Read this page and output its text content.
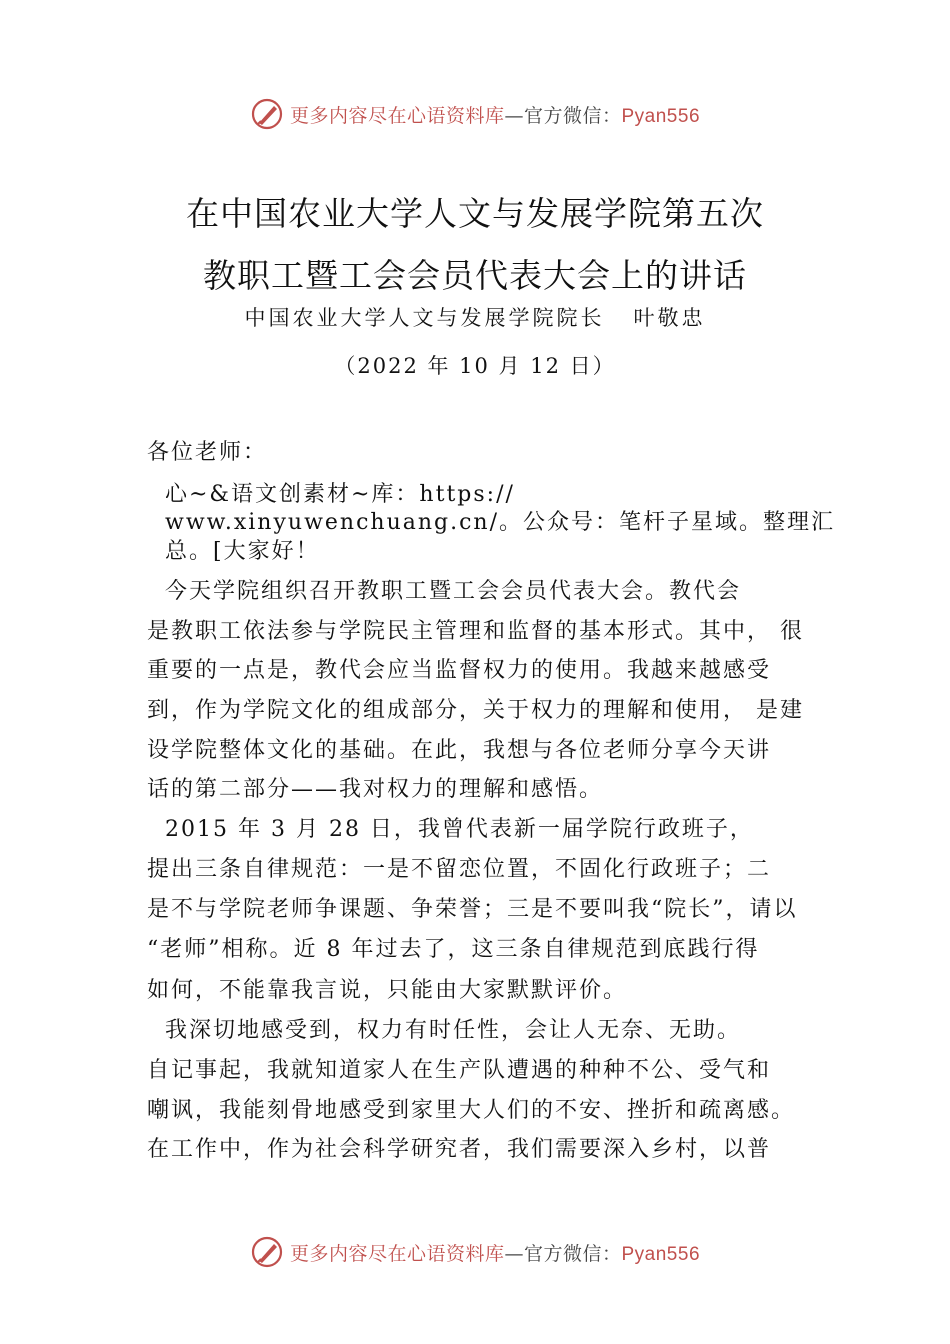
更多内容尽在心语资料库—官方微信：Pyan556
在中国农业大学人文与发展学院第五次
教职工暨工会会员代表大会上的讲话
中国农业大学人文与发展学院院长   叶敬忠
（2022 年 10 月 12 日）
各位老师：
心~&语文创素材~库：https://
www.xinyuwenchuang.cn/。公众号：笔杆子星域。整理汇
总。[大家好！
今天学院组织召开教职工暨工会会员代表大会。教代会
是教职工依法参与学院民主管理和监督的基本形式。其中， 很
重要的一点是，教代会应当监督权力的使用。我越来越感受
到，作为学院文化的组成部分，关于权力的理解和使用， 是建
设学院整体文化的基础。在此，我想与各位老师分享今天讲
话的第二部分——我对权力的理解和感悟。
2015 年 3 月 28 日，我曾代表新一届学院行政班子，
提出三条自律规范：一是不留恋位置，不固化行政班子；二
是不与学院老师争课题、争荣誉；三是不要叫我“院长”，请以
“老师”相称。近 8 年过去了，这三条自律规范到底践行得
如何，不能靠我言说，只能由大家默默评价。
我深切地感受到，权力有时任性，会让人无奈、无助。
自记事起，我就知道家人在生产队遭遇的种种不公、受气和
嘲讽，我能刻骨地感受到家里大人们的不安、挫折和疏离感。
在工作中，作为社会科学研究者，我们需要深入乡村，以普
更多内容尽在心语资料库—官方微信：Pyan556
